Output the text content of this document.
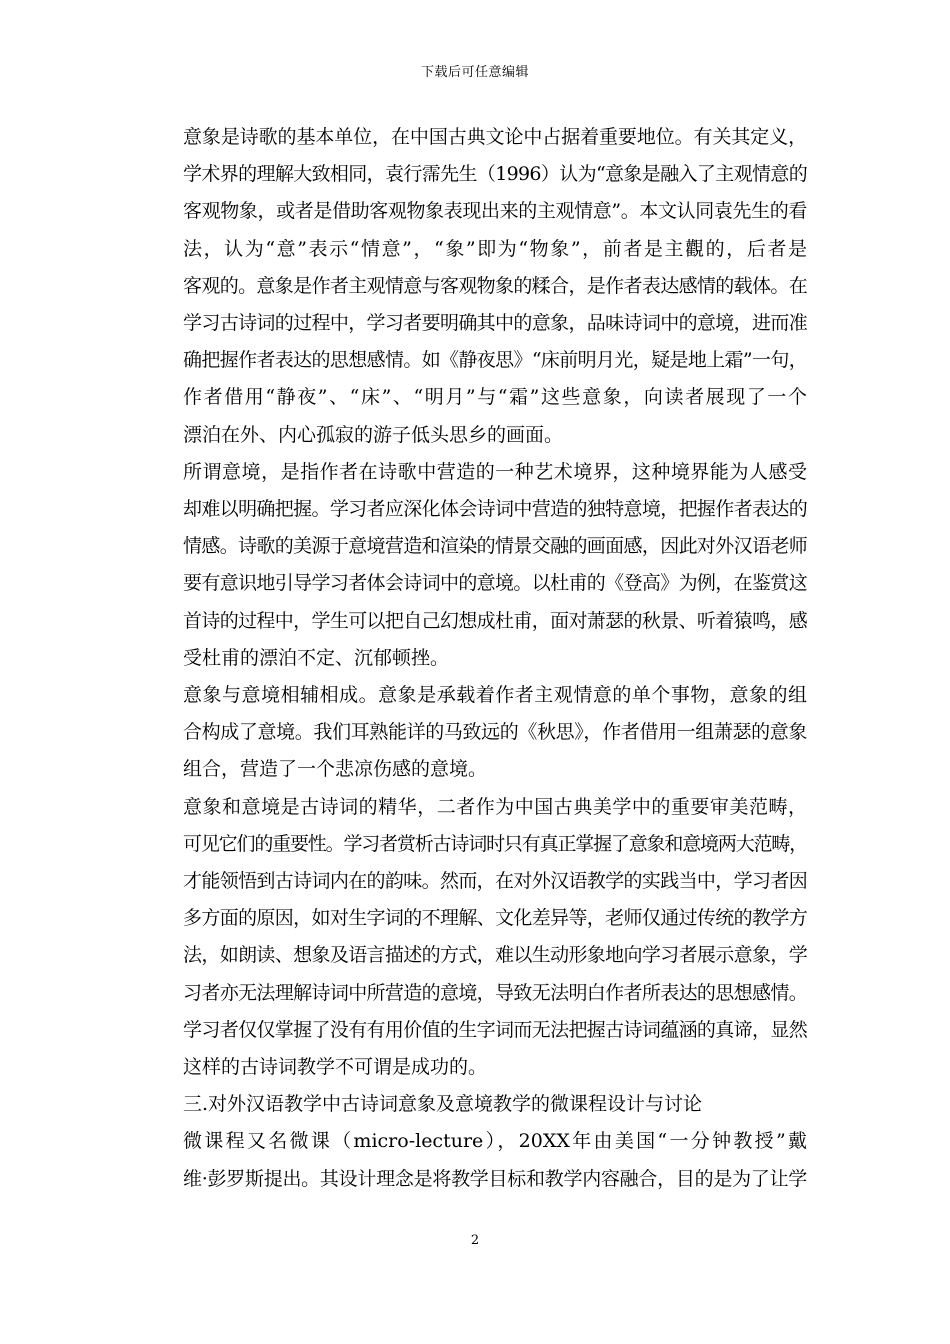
下载后可任意编辑

意象是诗歌的基本单位，在中国古典文论中占据着重要地位。有关其定义，
学术界的理解大致相同，袁行霈先生（1996）认为“意象是融入了主观情意的
客观物象，或者是借助客观物象表现出来的主观情意”。本文认同袁先生的看
法，认为“意”表示“情意”，“象”即为“物象”，前者是主觀的，后者是
客观的。意象是作者主观情意与客观物象的糅合，是作者表达感情的载体。在
学习古诗词的过程中，学习者要明确其中的意象，品味诗词中的意境，进而准
确把握作者表达的思想感情。如《静夜思》“床前明月光，疑是地上霜”一句，
作者借用“静夜”、“床”、“明月”与“霜”这些意象，向读者展现了一个
漂泊在外、内心孤寂的游子低头思乡的画面。

所谓意境，是指作者在诗歌中营造的一种艺术境界，这种境界能为人感受
却难以明确把握。学习者应深化体会诗词中营造的独特意境，把握作者表达的
情感。诗歌的美源于意境营造和渲染的情景交融的画面感，因此对外汉语老师
要有意识地引导学习者体会诗词中的意境。以杜甫的《登高》为例，在鉴赏这
首诗的过程中，学生可以把自己幻想成杜甫，面对萧瑟的秋景、听着猿鸣，感
受杜甫的漂泊不定、沉郁顿挫。

意象与意境相辅相成。意象是承载着作者主观情意的单个事物，意象的组
合构成了意境。我们耳熟能详的马致远的《秋思》，作者借用一组萧瑟的意象
组合，营造了一个悲凉伤感的意境。

意象和意境是古诗词的精华，二者作为中国古典美学中的重要审美范畴，
可见它们的重要性。学习者赏析古诗词时只有真正掌握了意象和意境两大范畴，
才能领悟到古诗词内在的韵味。然而，在对外汉语教学的实践当中，学习者因
多方面的原因，如对生字词的不理解、文化差异等，老师仅通过传统的教学方
法，如朗读、想象及语言描述的方式，难以生动形象地向学习者展示意象，学
习者亦无法理解诗词中所营造的意境，导致无法明白作者所表达的思想感情。
学习者仅仅掌握了没有有用价值的生字词而无法把握古诗词蕴涵的真谛，显然
这样的古诗词教学不可谓是成功的。

三.对外汉语教学中古诗词意象及意境教学的微课程设计与讨论

微课程又名微课（micro-lecture），20XX年由美国“一分钟教授”戴
维·彭罗斯提出。其设计理念是将教学目标和教学内容融合，目的是为了让学

2
